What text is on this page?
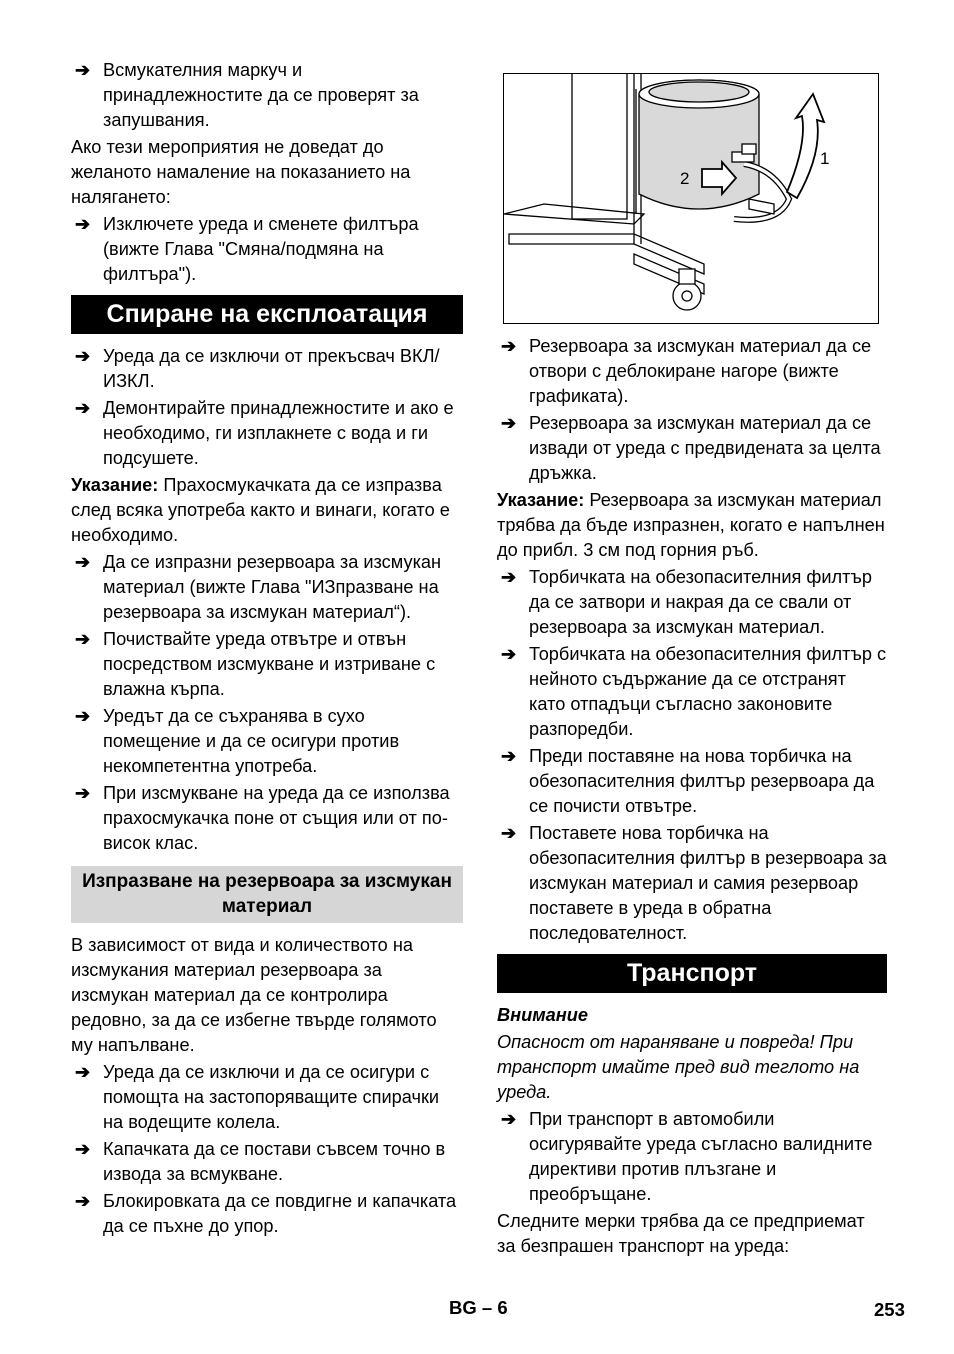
➔ Всмукателния маркуч и принадлежностите да се проверят за запушвания.

Ако тези мероприятия не доведат до желаното намаление на показанието на налягането:

➔ Изключете уреда и сменете филтъра (вижте Глава "Смяна/подмяна на филтъра").
Спиране на експлоатация
➔ Уреда да се изключи от прекъсвач ВКЛ/ИЗКЛ.
➔ Демонтирайте принадлежностите и ако е необходимо, ги изплакнете с вода и ги подсушете.

Указание: Прахосмукачката да се изпразва след всяка употреба както и винаги, когато е необходимо.

➔ Да се изпразни резервоара за изсмукан материал (вижте Глава "ИЗпразване на резервоара за изсмукан материал“).
➔ Почиствайте уреда отвътре и отвън посредством изсмукване и изтриване с влажна кърпа.
➔ Уредът да се съхранява в сухо помещение и да се осигури против некомпетентна употреба.
➔ При изсмукване на уреда да се използва прахосмукачка поне от същия или от по-висок клас.
Изпразване на резервоара за изсмукан материал

В зависимост от вида и количеството на изсмукания материал резервоара за изсмукан материал да се контролира редовно, за да се избегне твърде голямото му напълване.

➔ Уреда да се изключи и да се осигури с помощта на застопоряващите спирачки на водещите колела.
➔ Капачката да се постави съвсем точно в извода за всмукване.
➔ Блокировката да се повдигне и капачката да се пъхне до упор.
2
1
➔ Резервоара за изсмукан материал да се отвори с деблокиране нагоре (вижте графиката).
➔ Резервоара за изсмукан материал да се извади от уреда с предвидената за целта дръжка.

Указание: Резервоара за изсмукан материал трябва да бъде изпразнен, когато е напълнен до прибл. 3 см под горния ръб.

➔ Торбичката на обезопасителния филтър да се затвори и накрая да се свали от резервоара за изсмукан материал.
➔ Торбичката на обезопасителния филтър с нейното съдържание да се отстранят като отпадъци съгласно законовите разпоредби.
➔ Преди поставяне на нова торбичка на обезопасителния филтър резервоара да се почисти отвътре.
➔ Поставете нова торбичка на обезопасителния филтър в резервоара за изсмукан материал и самия резервоар поставете в уреда в обратна последователност.
Транспорт

Внимание

Опасност от нараняване и повреда! При транспорт имайте пред вид теглото на уреда.

➔ При транспорт в автомобили осигурявайте уреда съгласно валидните директиви против плъзгане и преобръщане.

Следните мерки трябва да се предприемат за безпрашен транспорт на уреда:

BG – 6	253
